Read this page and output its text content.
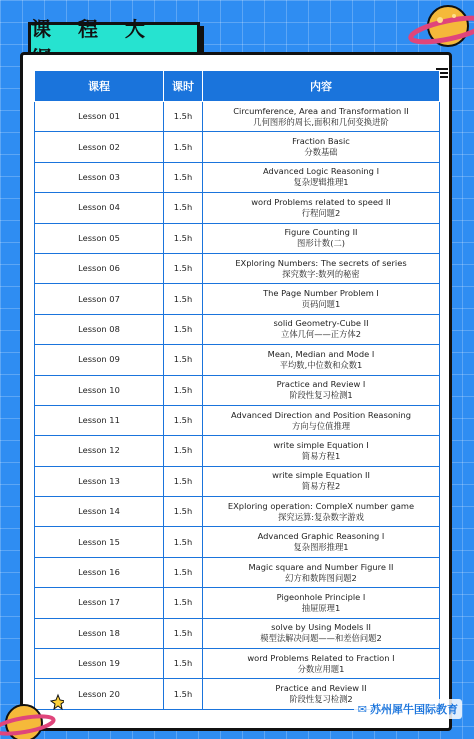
课 程 大
课程	课时	内容
Lesson 01	1.5h	Circumference, Area and Transformation II
几何图形的周长,面积和几何变换进阶

Lesson 02	1.5h	Fraction Basic
分数基础

Lesson 03	1.5h	Advanced Logic Reasoning I
复杂逻辑推理1

Lesson 04	1.5h	word Problems related to speed II
行程问题2

Lesson 05	1.5h	Figure Counting II
图形计数(二)

Lesson 06	1.5h	EXploring Numbers: The secrets of series
探究数字:数列的秘密

Lesson 07	1.5h	The Page Number Problem I
页码问题1

Lesson 08	1.5h	solid Geometry-Cube II
立体几何——正方体2

Lesson 09	1.5h	Mean, Median and Mode I
平均数,中位数和众数1

Lesson 10	1.5h	Practice and Review I
阶段性复习检测1

Lesson 11	1.5h	Advanced Direction and Position Reasoning
方向与位值推理

Lesson 12	1.5h	write simple Equation I
简易方程1

Lesson 13	1.5h	write simple Equation II
简易方程2

Lesson 14	1.5h	EXploring operation: CompleX number game
探究运算:复杂数字游戏

Lesson 15	1.5h	Advanced Graphic Reasoning I
复杂图形推理1

Lesson 16	1.5h	Magic square and Number Figure II
幻方和数阵图问题2

Lesson 17	1.5h	Pigeonhole Principle I
抽屉原理1

Lesson 18	1.5h	solve by Using Models II
模型法解决问题——和差倍问题2

Lesson 19	1.5h	word Problems Related to Fraction I
分数应用题1

Lesson 20	1.5h	Practice and Review II
阶段性复习检测2
✉ 苏州犀牛国际教育
